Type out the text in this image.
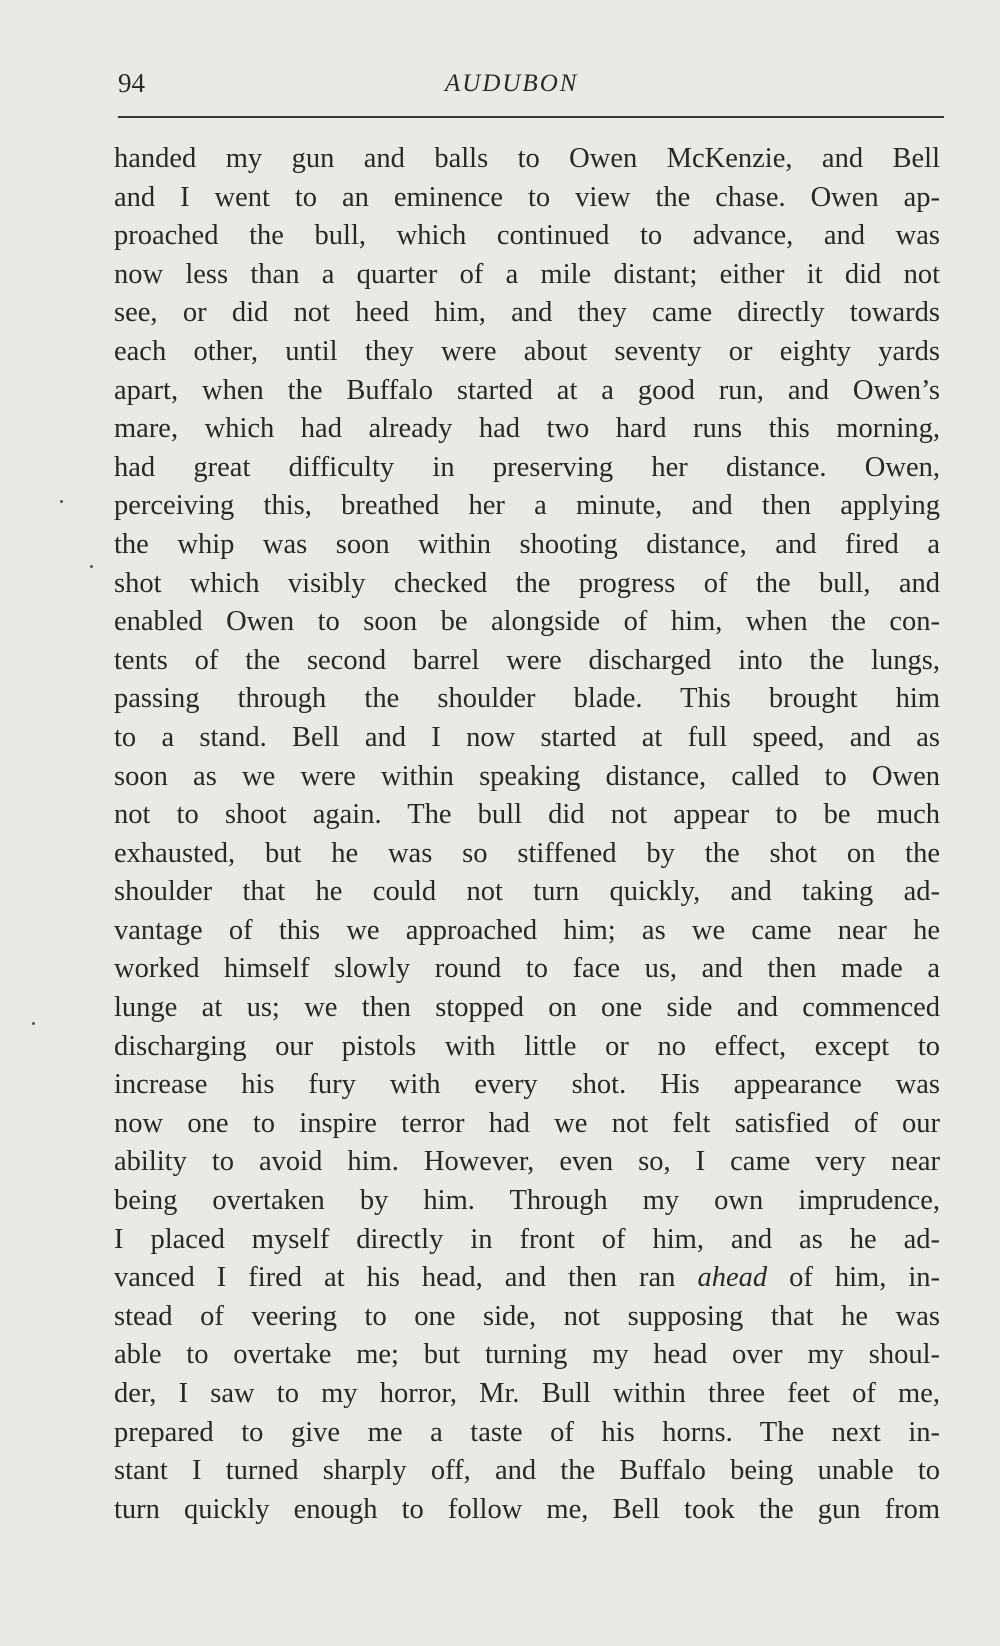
94	AUDUBON
handed my gun and balls to Owen McKenzie, and Bell
and I went to an eminence to view the chase. Owen ap-
proached the bull, which continued to advance, and was
now less than a quarter of a mile distant; either it did not
see, or did not heed him, and they came directly towards
each other, until they were about seventy or eighty yards
apart, when the Buffalo started at a good run, and Owen’s
mare, which had already had two hard runs this morning,
had great difficulty in preserving her distance. Owen,
perceiving this, breathed her a minute, and then applying
the whip was soon within shooting distance, and fired a
shot which visibly checked the progress of the bull, and
enabled Owen to soon be alongside of him, when the con-
tents of the second barrel were discharged into the lungs,
passing through the shoulder blade. This brought him
to a stand. Bell and I now started at full speed, and as
soon as we were within speaking distance, called to Owen
not to shoot again. The bull did not appear to be much
exhausted, but he was so stiffened by the shot on the
shoulder that he could not turn quickly, and taking ad-
vantage of this we approached him; as we came near he
worked himself slowly round to face us, and then made a
lunge at us; we then stopped on one side and commenced
discharging our pistols with little or no effect, except to
increase his fury with every shot. His appearance was
now one to inspire terror had we not felt satisfied of our
ability to avoid him. However, even so, I came very near
being overtaken by him. Through my own imprudence,
I placed myself directly in front of him, and as he ad-
vanced I fired at his head, and then ran ahead of him, in-
stead of veering to one side, not supposing that he was
able to overtake me; but turning my head over my shoul-
der, I saw to my horror, Mr. Bull within three feet of me,
prepared to give me a taste of his horns. The next in-
stant I turned sharply off, and the Buffalo being unable to
turn quickly enough to follow me, Bell took the gun from
